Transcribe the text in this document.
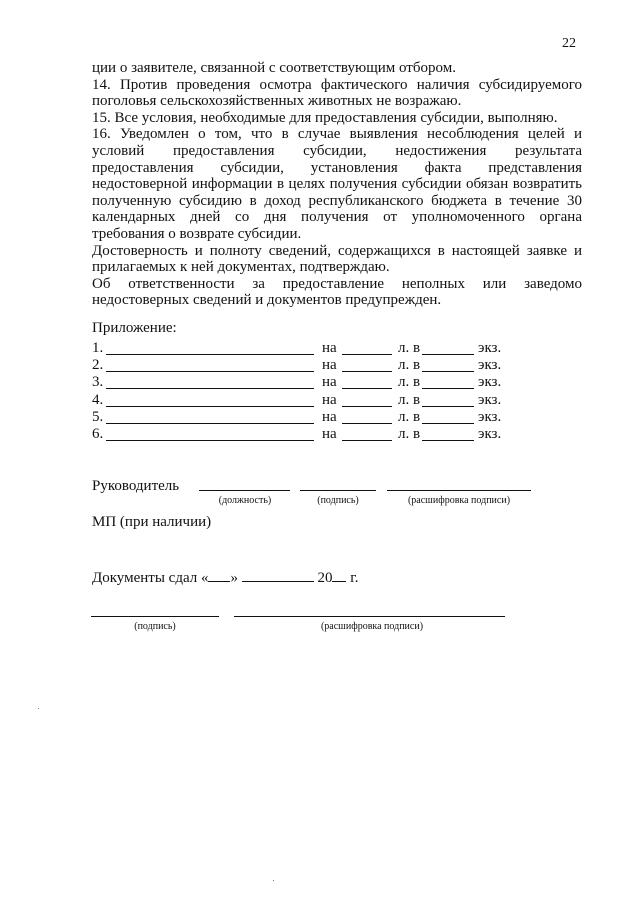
22

ции о заявителе, связанной с соответствующим отбором.

14. Против проведения осмотра фактического наличия субсидируемого поголовья сельскохозяйственных животных не возражаю.

15. Все условия, необходимые для предоставления субсидии, выполняю.

16. Уведомлен о том, что в случае выявления несоблюдения целей и условий предоставления субсидии, недостижения результата предоставления субсидии, установления факта представления недостоверной информации в целях получения субсидии обязан возвратить полученную субсидию в доход республиканского бюджета в течение 30 календарных дней со дня получения от уполномоченного органа требования о возврате субсидии.

Достоверность и полноту сведений, содержащихся в настоящей заявке и прилагаемых к ней документах, подтверждаю.

Об ответственности за предоставление неполных или заведомо недостоверных сведений и документов предупрежден.

Приложение:
1.	на	л. в	экз.
2.	на	л. в	экз.
3.	на	л. в	экз.
4.	на	л. в	экз.
5.	на	л. в	экз.
6.	на	л. в	экз.
Руководитель
(должность)	(подпись)	(расшифровка подписи)
МП (при наличии)
Документы сдал « »	20 г.
(подпись)	(расшифровка подписи)
